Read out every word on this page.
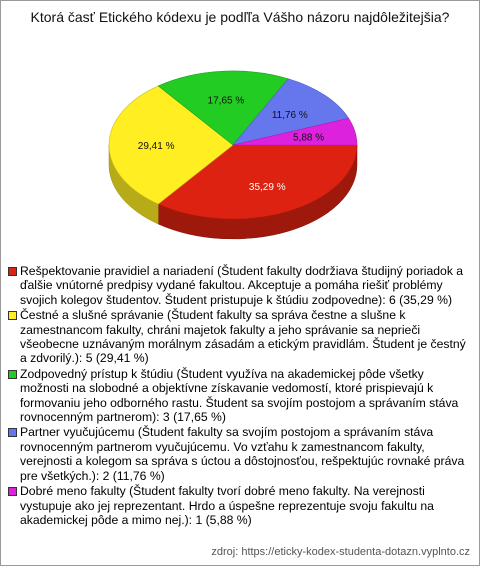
Ktorá časť Etického kódexu je podľľa Vášho názoru najdôležitejšia?
35,29 %
29,41 %
17,65 %
11,76 %
5,88 %
Rešpektovanie pravidiel a nariadení (Študent fakulty dodržiava študijný poriadok a ďalšie vnútorné predpisy vydané fakultou. Akceptuje a pomáha riešiť problémy svojich kolegov študentov. Študent pristupuje k štúdiu zodpovedne): 6 (35,29 %)
Čestné a slušné správanie (Študent fakulty sa správa čestne a slušne k zamestnancom fakulty, chráni majetok fakulty a jeho správanie sa neprieči všeobecne uznávaným morálnym zásadám a etickým pravidlám. Študent je čestný a zdvorilý.): 5 (29,41 %)
Zodpovedný prístup k štúdiu (Študent využíva na akademickej pôde všetky možnosti na slobodné a objektívne získavanie vedomostí, ktoré prispievajú k formovaniu jeho odborného rastu. Študent sa svojím postojom a správaním stáva rovnocenným partnerom): 3 (17,65 %)
Partner vyučujúcemu (Študent fakulty sa svojím postojom a správaním stáva rovnocenným partnerom vyučujúcemu. Vo vzťahu k zamestnancom fakulty, verejnosti a kolegom sa správa s úctou a dôstojnosťou, rešpektujúc rovnaké práva pre všetkých.): 2 (11,76 %)
Dobré meno fakulty (Študent fakulty tvorí dobré meno fakulty. Na verejnosti vystupuje ako jej reprezentant. Hrdo a úspešne reprezentuje svoju fakultu na akademickej pôde a mimo nej.): 1 (5,88 %)
zdroj: https://eticky-kodex-studenta-dotazn.vyplnto.cz
